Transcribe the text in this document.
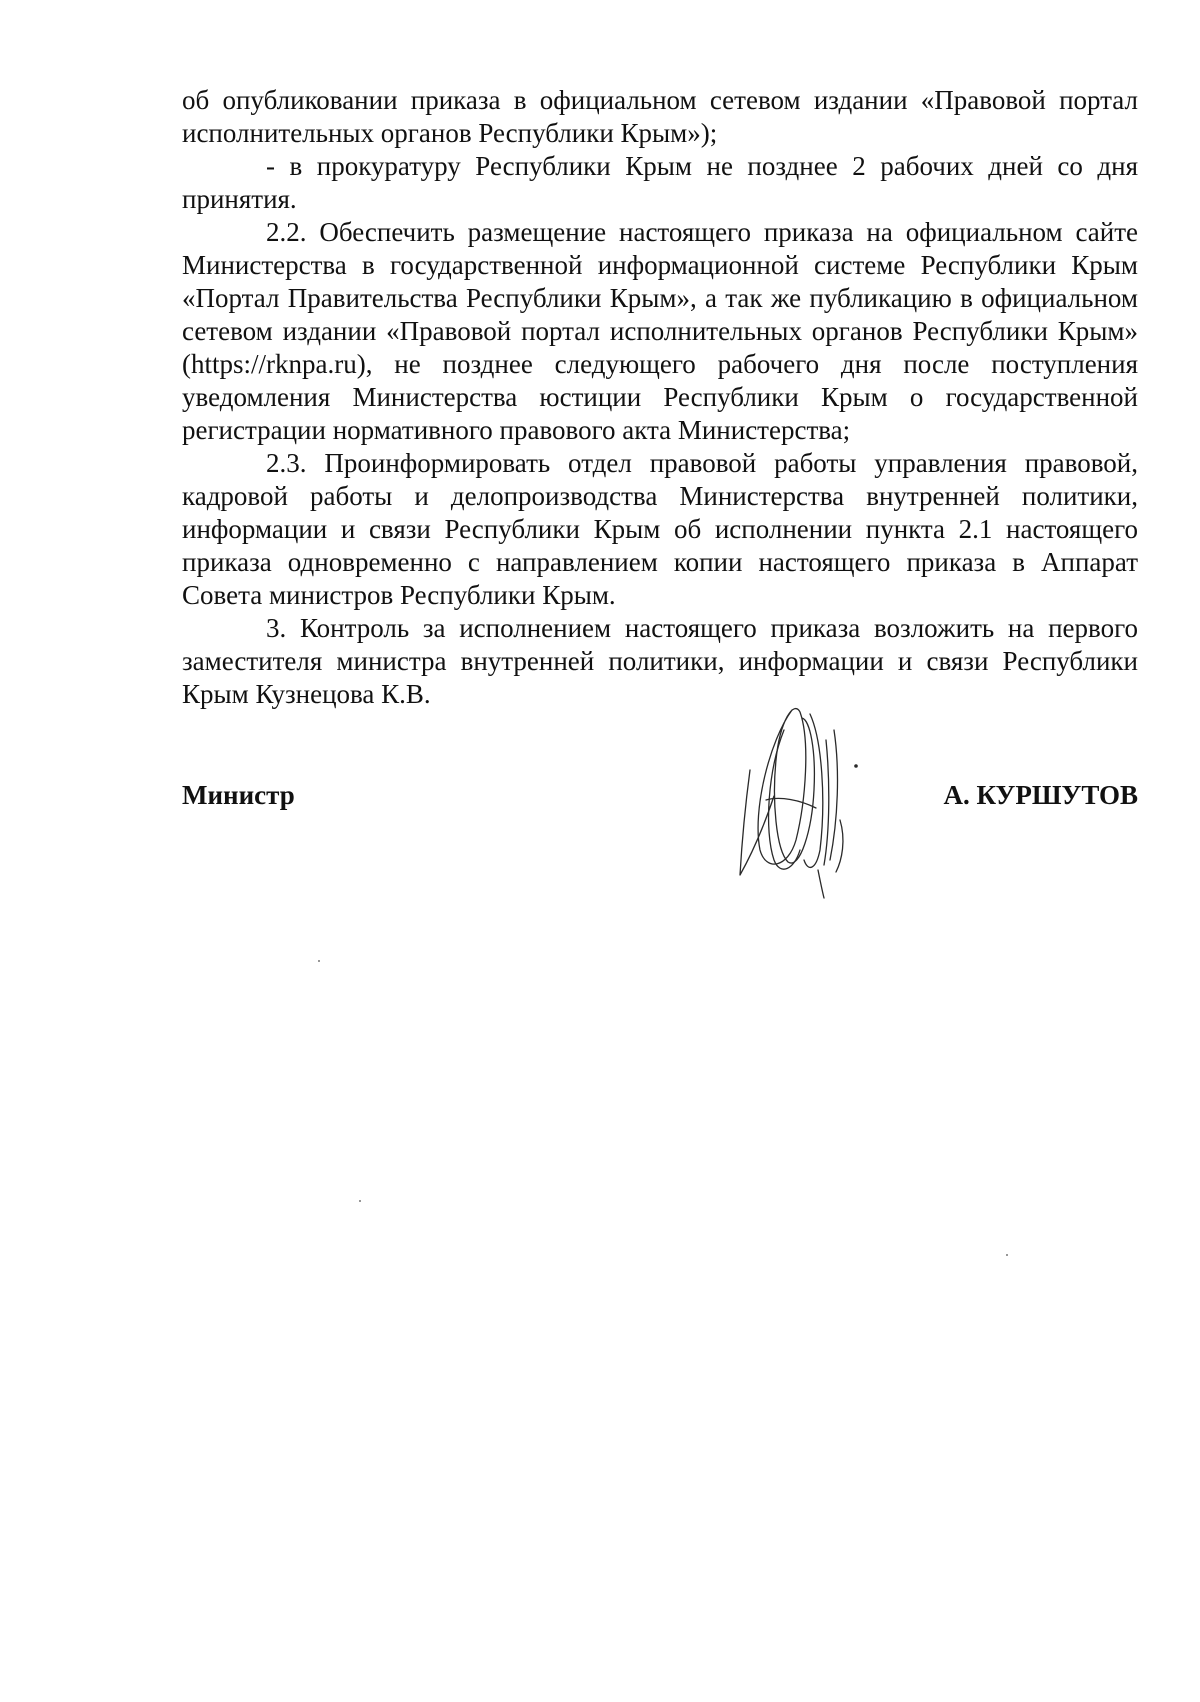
об опубликовании приказа в официальном сетевом издании «Правовой портал исполнительных органов Республики Крым»);

- в прокуратуру Республики Крым не позднее 2 рабочих дней со дня принятия.

2.2. Обеспечить размещение настоящего приказа на официальном сайте Министерства в государственной информационной системе Республики Крым «Портал Правительства Республики Крым», а так же публикацию в официальном сетевом издании «Правовой портал исполнительных органов Республики Крым» (https://rknpa.ru), не позднее следующего рабочего дня после поступления уведомления Министерства юстиции Республики Крым о государственной регистрации нормативного правового акта Министерства;

2.3. Проинформировать отдел правовой работы управления правовой, кадровой работы и делопроизводства Министерства внутренней политики, информации и связи Республики Крым об исполнении пункта 2.1 настоящего приказа одновременно с направлением копии настоящего приказа в Аппарат Совета министров Республики Крым.

3. Контроль за исполнением настоящего приказа возложить на первого заместителя министра внутренней политики, информации и связи Республики Крым Кузнецова К.В.

Министр	А. КУРШУТОВ
